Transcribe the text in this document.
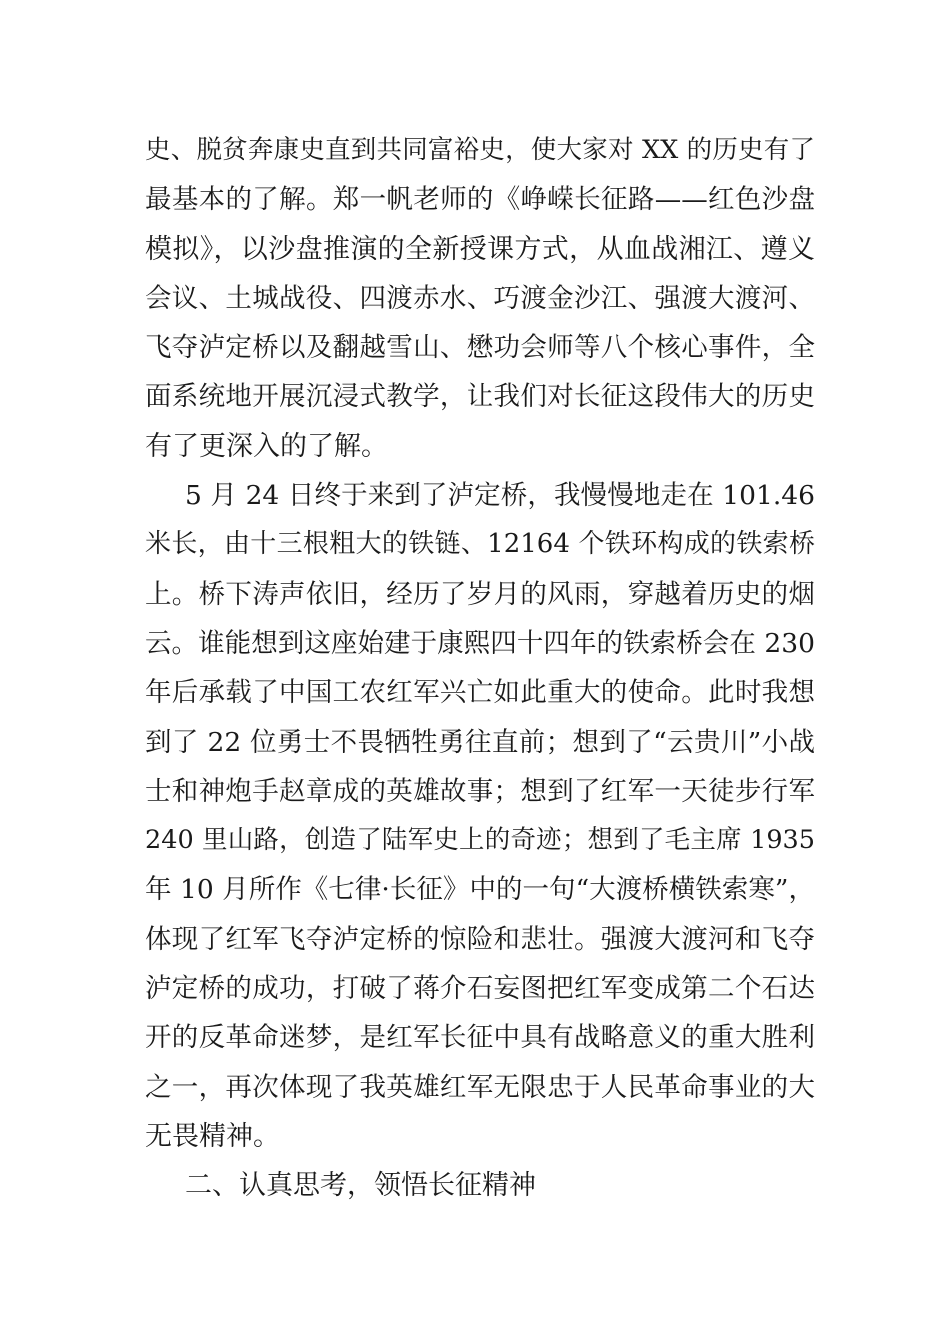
史、脱贫奔康史直到共同富裕史，使大家对 XX 的历史有了
最基本的了解。郑一帆老师的《峥嵘长征路——红色沙盘
模拟》，以沙盘推演的全新授课方式，从血战湘江、遵义
会议、土城战役、四渡赤水、巧渡金沙江、强渡大渡河、
飞夺泸定桥以及翻越雪山、懋功会师等八个核心事件，全
面系统地开展沉浸式教学，让我们对长征这段伟大的历史
有了更深入的了解。
5 月 24 日终于来到了泸定桥，我慢慢地走在 101.46
米长，由十三根粗大的铁链、12164 个铁环构成的铁索桥
上。桥下涛声依旧，经历了岁月的风雨，穿越着历史的烟
云。谁能想到这座始建于康熙四十四年的铁索桥会在 230
年后承载了中国工农红军兴亡如此重大的使命。此时我想
到了 22 位勇士不畏牺牲勇往直前；想到了“云贵川”小战
士和神炮手赵章成的英雄故事；想到了红军一天徒步行军
240 里山路，创造了陆军史上的奇迹；想到了毛主席 1935
年 10 月所作《七律·长征》中的一句“大渡桥横铁索寒”，
体现了红军飞夺泸定桥的惊险和悲壮。强渡大渡河和飞夺
泸定桥的成功，打破了蒋介石妄图把红军变成第二个石达
开的反革命迷梦，是红军长征中具有战略意义的重大胜利
之一，再次体现了我英雄红军无限忠于人民革命事业的大
无畏精神。
二、认真思考，领悟长征精神
